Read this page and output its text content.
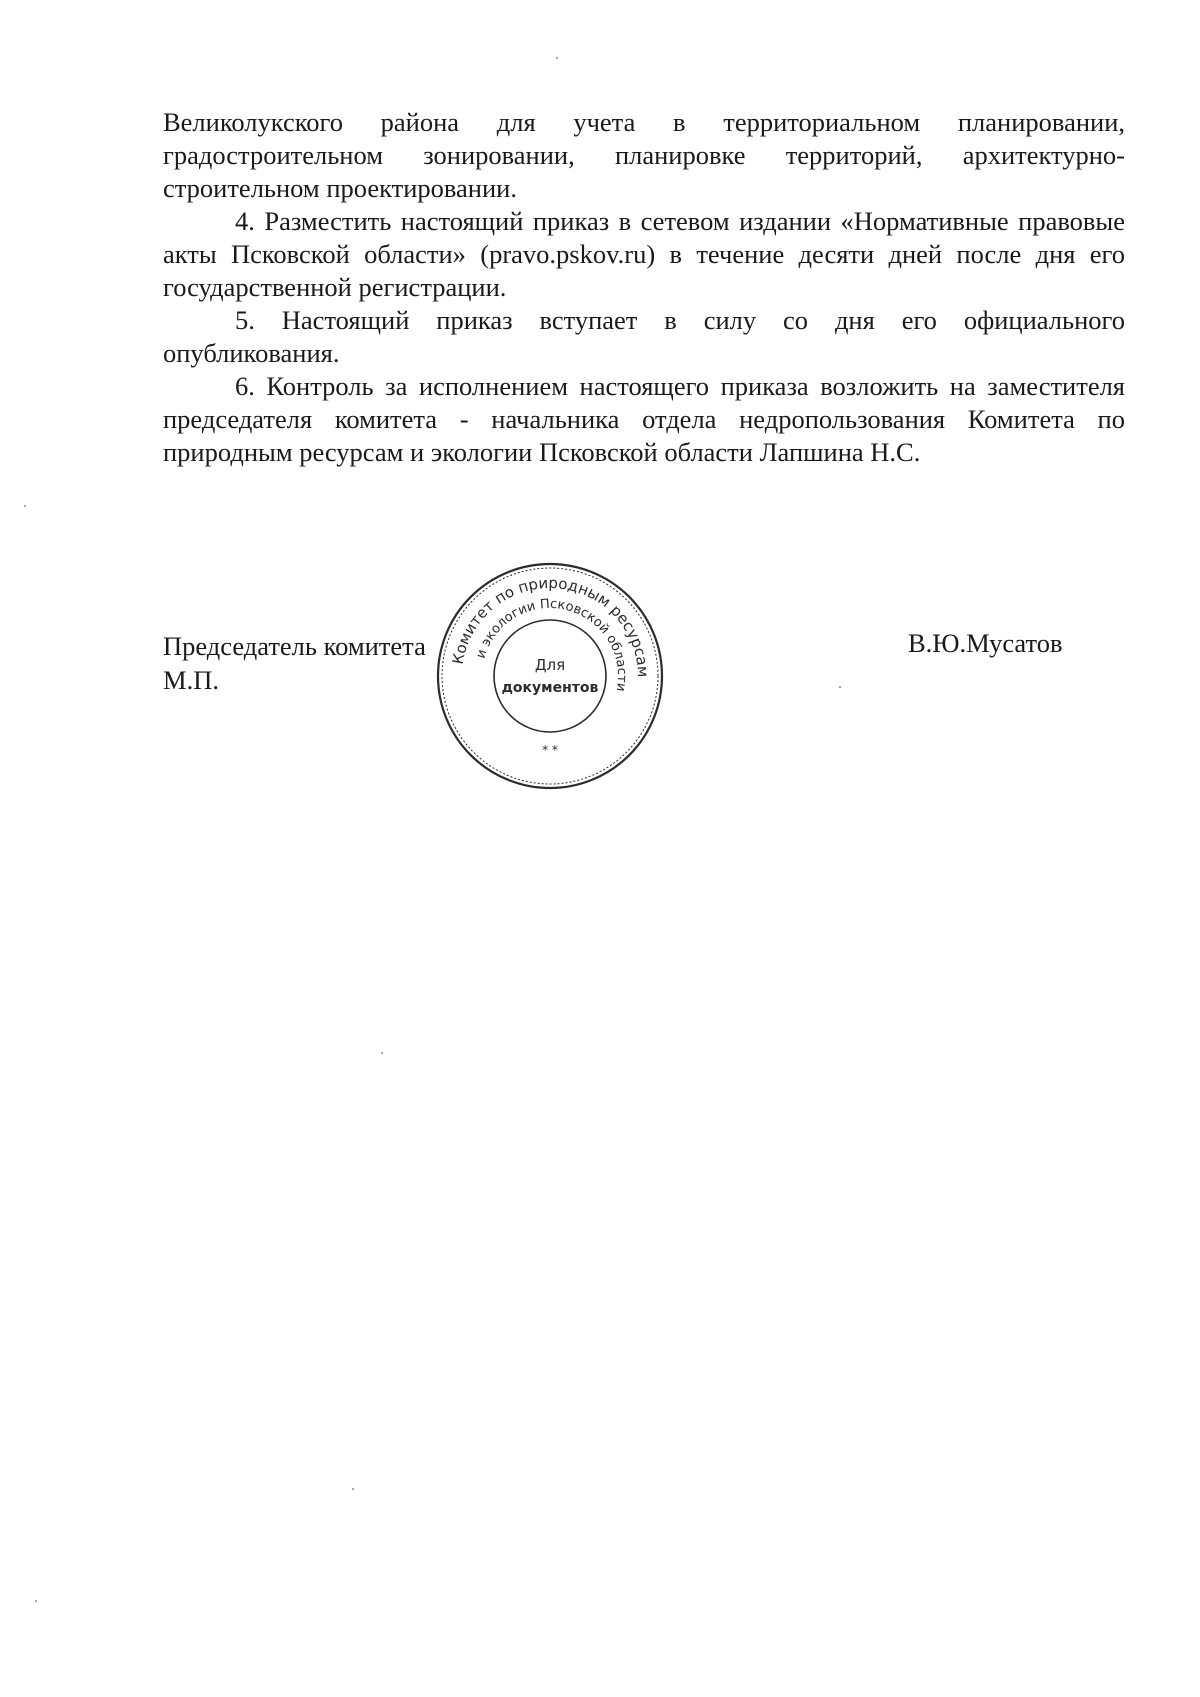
Великолукского района для учета в территориальном планировании, градостроительном зонировании, планировке территорий, архитектурно-строительном проектировании.

4. Разместить настоящий приказ в сетевом издании «Нормативные правовые акты Псковской области» (pravo.pskov.ru) в течение десяти дней после дня его государственной регистрации.

5. Настоящий приказ вступает в силу со дня его официального опубликования.

6. Контроль за исполнением настоящего приказа возложить на заместителя председателя комитета - начальника отдела недропользования Комитета по природным ресурсам и экологии Псковской области Лапшина Н.С.

Председатель комитета
М.П.
В.Ю.Мусатов
Комитет по природным ресурсам
и экологии Псковской области
Для
документов
* *
